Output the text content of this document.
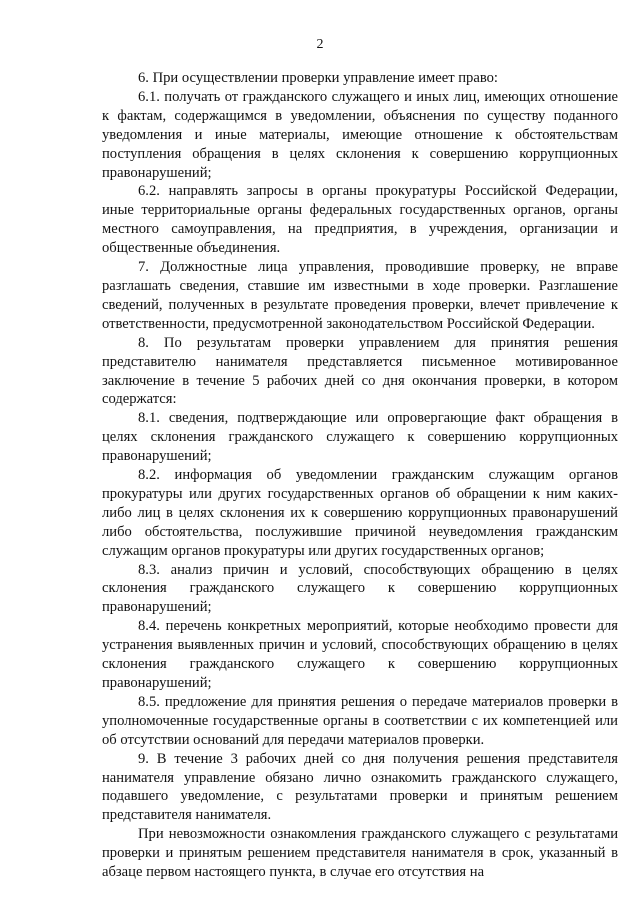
2

6. При осуществлении проверки управление имеет право:

6.1. получать от гражданского служащего и иных лиц, имеющих отношение к фактам, содержащимся в уведомлении, объяснения по существу поданного уведомления и иные материалы, имеющие отношение к обстоятельствам поступления обращения в целях склонения к совершению коррупционных правонарушений;

6.2. направлять запросы в органы прокуратуры Российской Федерации, иные территориальные органы федеральных государственных органов, органы местного самоуправления, на предприятия, в учреждения, организации и общественные объединения.

7. Должностные лица управления, проводившие проверку, не вправе разглашать сведения, ставшие им известными в ходе проверки. Разглашение сведений, полученных в результате проведения проверки, влечет привлечение к ответственности, предусмотренной законодательством Российской Федерации.

8. По результатам проверки управлением для принятия решения представителю нанимателя представляется письменное мотивированное заключение в течение 5 рабочих дней со дня окончания проверки, в котором содержатся:

8.1. сведения, подтверждающие или опровергающие факт обращения в целях склонения гражданского служащего к совершению коррупционных правонарушений;

8.2. информация об уведомлении гражданским служащим органов прокуратуры или других государственных органов об обращении к ним каких-либо лиц в целях склонения их к совершению коррупционных правонарушений либо обстоятельства, послужившие причиной неуведомления гражданским служащим органов прокуратуры или других государственных органов;

8.3. анализ причин и условий, способствующих обращению в целях склонения гражданского служащего к совершению коррупционных правонарушений;

8.4. перечень конкретных мероприятий, которые необходимо провести для устранения выявленных причин и условий, способствующих обращению в целях склонения гражданского служащего к совершению коррупционных правонарушений;

8.5. предложение для принятия решения о передаче материалов проверки в уполномоченные государственные органы в соответствии с их компетенцией или об отсутствии оснований для передачи материалов проверки.

9. В течение 3 рабочих дней со дня получения решения представителя нанимателя управление обязано лично ознакомить гражданского служащего, подавшего уведомление, с результатами проверки и принятым решением представителя нанимателя.

При невозможности ознакомления гражданского служащего с результатами проверки и принятым решением представителя нанимателя в срок, указанный в абзаце первом настоящего пункта, в случае его отсутствия на
